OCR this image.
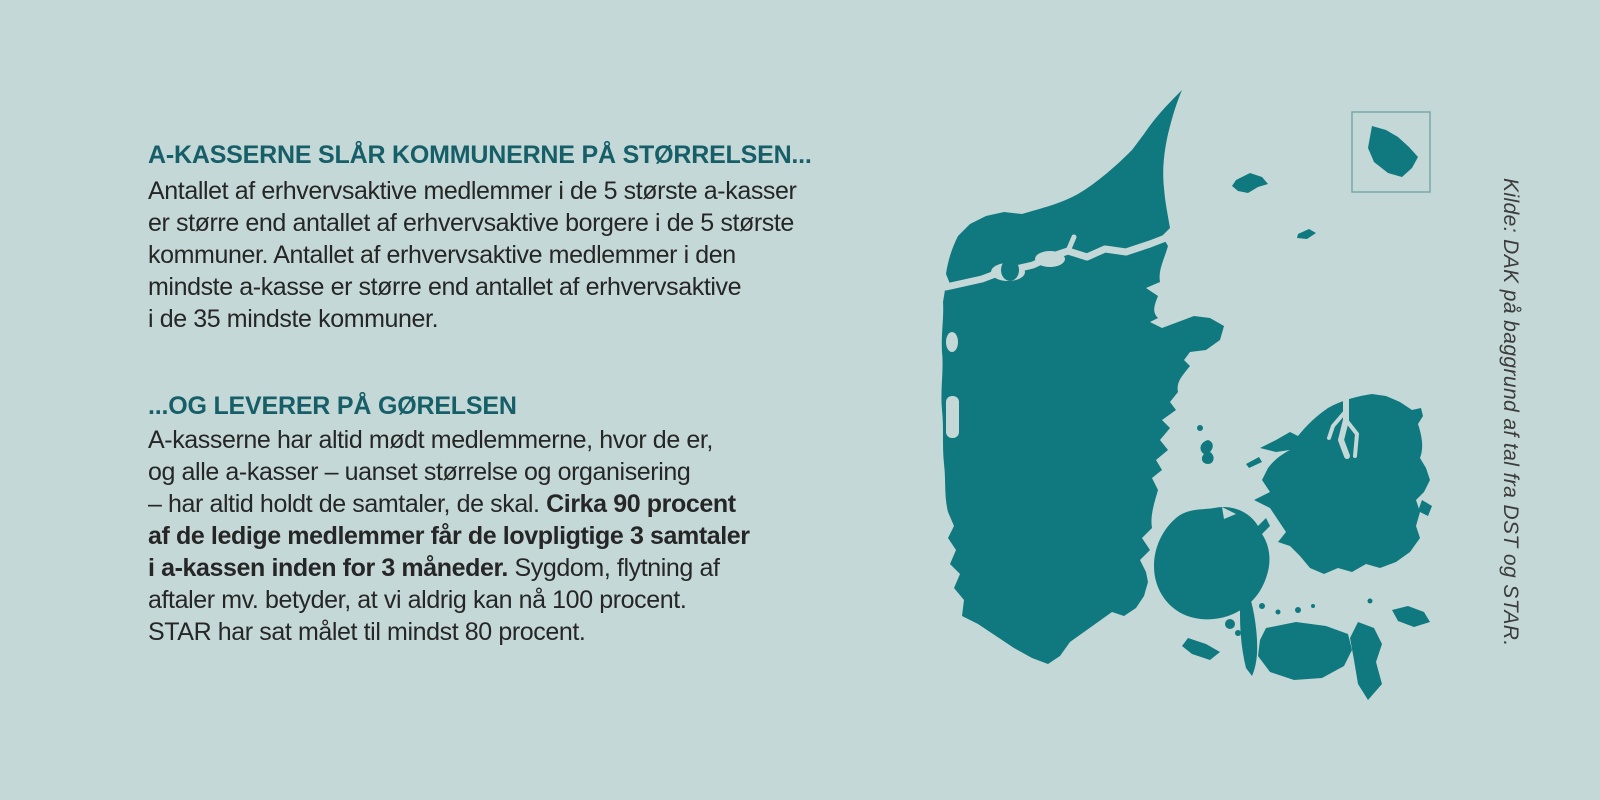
A-KASSERNE SLÅR KOMMUNERNE PÅ STØRRELSEN...
Antallet af erhvervsaktive medlemmer i de 5 største a-kasser
er større end antallet af erhvervsaktive borgere i de 5 største
kommuner. Antallet af erhvervsaktive medlemmer i den
mindste a-kasse er større end antallet af erhvervsaktive
i de 35 mindste kommuner.
...OG LEVERER PÅ GØRELSEN
A-kasserne har altid mødt medlemmerne, hvor de er,
og alle a-kasser – uanset størrelse og organisering
– har altid holdt de samtaler, de skal. Cirka 90 procent
af de ledige medlemmer får de lovpligtige 3 samtaler
i a-kassen inden for 3 måneder. Sygdom, flytning af
aftaler mv. betyder, at vi aldrig kan nå 100 procent.
STAR har sat målet til mindst 80 procent.	Kilde: DAK på baggrund af tal fra DST og STAR.
